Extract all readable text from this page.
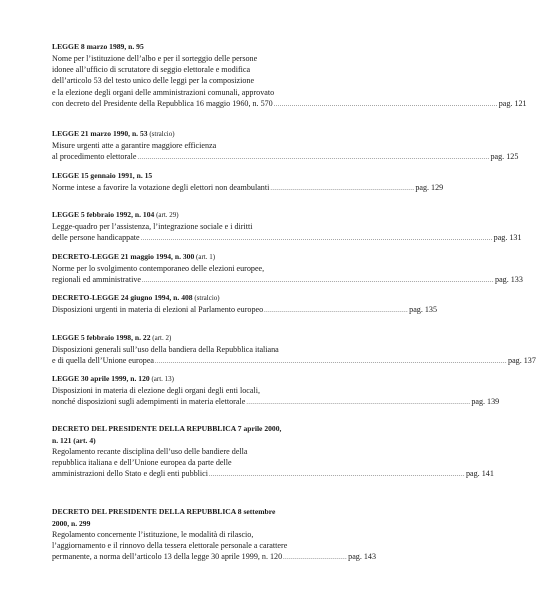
LEGGE 8 marzo 1989, n. 95
Nome per l’istituzione dell’albo e per il sorteggio delle persone
idonee all’ufficio di scrutatore di seggio elettorale e modifica
dell’articolo 53 del testo unico delle leggi per la composizione
e la elezione degli organi delle amministrazioni comunali, approvato
con decreto del Presidente della Repubblica 16 maggio 1960, n. 570 ................................................................................................................ pag. 121
LEGGE 21 marzo 1990, n. 53 (stralcio)
Misure urgenti atte a garantire maggiore efficienza
al procedimento elettorale ................................................................................................................................................................................ pag. 125
LEGGE 15 gennaio 1991, n. 15
Norme intese a favorire la votazione degli elettori non deambulanti ........................................................................ pag. 129
LEGGE 5 febbraio 1992, n. 104 (art. 29)
Legge-quadro per l’assistenza, l’integrazione sociale e i diritti
delle persone handicappate ................................................................................................................................................................................ pag. 131
DECRETO-LEGGE 21 maggio 1994, n. 300 (art. 1)
Norme per lo svolgimento contemporaneo delle elezioni europee,
regionali ed amministrative ................................................................................................................................................................................ pag. 133
DECRETO-LEGGE 24 giugno 1994, n. 408 (stralcio)
Disposizioni urgenti in materia di elezioni al Parlamento europeo ........................................................................ pag. 135
LEGGE 5 febbraio 1998, n. 22 (art. 2)
Disposizioni generali sull’uso della bandiera della Repubblica italiana
e di quella dell’Unione europea ................................................................................................................................................................................ pag. 137
LEGGE 30 aprile 1999, n. 120 (art. 13)
Disposizioni in materia di elezione degli organi degli enti locali,
nonché disposizioni sugli adempimenti in materia elettorale ................................................................................................................ pag. 139
DECRETO DEL PRESIDENTE DELLA REPUBBLICA 7 aprile 2000,
n. 121 (art. 4)
Regolamento recante disciplina dell’uso delle bandiere della
repubblica italiana e dell’Unione europea da parte delle
amministrazioni dello Stato e degli enti pubblici ................................................................................................................................ pag. 141
DECRETO DEL PRESIDENTE DELLA REPUBBLICA 8 settembre
2000, n. 299
Regolamento concernente l’istituzione, le modalità di rilascio,
l’aggiornamento e il rinnovo della tessera elettorale personale a carattere
permanente, a norma dell’articolo 13 della legge 30 aprile 1999, n. 120 ................................ pag. 143
